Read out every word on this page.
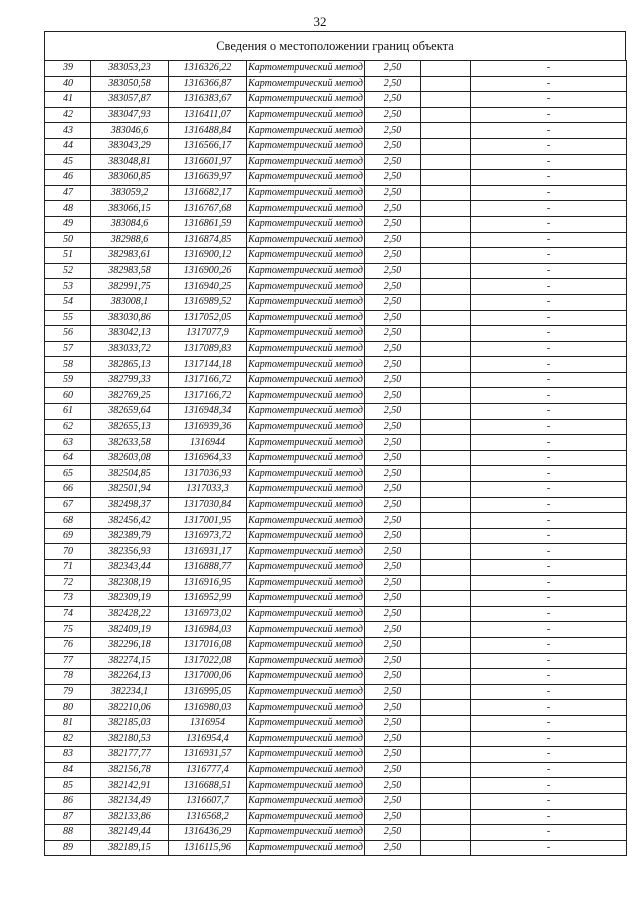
32
Сведения о местоположении границ объекта
39	383053,23	1316326,22	Картометрический метод	2,50		-
40	383050,58	1316366,87	Картометрический метод	2,50		-
41	383057,87	1316383,67	Картометрический метод	2,50		-
42	383047,93	1316411,07	Картометрический метод	2,50		-
43	383046,6	1316488,84	Картометрический метод	2,50		-
44	383043,29	1316566,17	Картометрический метод	2,50		-
45	383048,81	1316601,97	Картометрический метод	2,50		-
46	383060,85	1316639,97	Картометрический метод	2,50		-
47	383059,2	1316682,17	Картометрический метод	2,50		-
48	383066,15	1316767,68	Картометрический метод	2,50		-
49	383084,6	1316861,59	Картометрический метод	2,50		-
50	382988,6	1316874,85	Картометрический метод	2,50		-
51	382983,61	1316900,12	Картометрический метод	2,50		-
52	382983,58	1316900,26	Картометрический метод	2,50		-
53	382991,75	1316940,25	Картометрический метод	2,50		-
54	383008,1	1316989,52	Картометрический метод	2,50		-
55	383030,86	1317052,05	Картометрический метод	2,50		-
56	383042,13	1317077,9	Картометрический метод	2,50		-
57	383033,72	1317089,83	Картометрический метод	2,50		-
58	382865,13	1317144,18	Картометрический метод	2,50		-
59	382799,33	1317166,72	Картометрический метод	2,50		-
60	382769,25	1317166,72	Картометрический метод	2,50		-
61	382659,64	1316948,34	Картометрический метод	2,50		-
62	382655,13	1316939,36	Картометрический метод	2,50		-
63	382633,58	1316944	Картометрический метод	2,50		-
64	382603,08	1316964,33	Картометрический метод	2,50		-
65	382504,85	1317036,93	Картометрический метод	2,50		-
66	382501,94	1317033,3	Картометрический метод	2,50		-
67	382498,37	1317030,84	Картометрический метод	2,50		-
68	382456,42	1317001,95	Картометрический метод	2,50		-
69	382389,79	1316973,72	Картометрический метод	2,50		-
70	382356,93	1316931,17	Картометрический метод	2,50		-
71	382343,44	1316888,77	Картометрический метод	2,50		-
72	382308,19	1316916,95	Картометрический метод	2,50		-
73	382309,19	1316952,99	Картометрический метод	2,50		-
74	382428,22	1316973,02	Картометрический метод	2,50		-
75	382409,19	1316984,03	Картометрический метод	2,50		-
76	382296,18	1317016,08	Картометрический метод	2,50		-
77	382274,15	1317022,08	Картометрический метод	2,50		-
78	382264,13	1317000,06	Картометрический метод	2,50		-
79	382234,1	1316995,05	Картометрический метод	2,50		-
80	382210,06	1316980,03	Картометрический метод	2,50		-
81	382185,03	1316954	Картометрический метод	2,50		-
82	382180,53	1316954,4	Картометрический метод	2,50		-
83	382177,77	1316931,57	Картометрический метод	2,50		-
84	382156,78	1316777,4	Картометрический метод	2,50		-
85	382142,91	1316688,51	Картометрический метод	2,50		-
86	382134,49	1316607,7	Картометрический метод	2,50		-
87	382133,86	1316568,2	Картометрический метод	2,50		-
88	382149,44	1316436,29	Картометрический метод	2,50		-
89	382189,15	1316115,96	Картометрический метод	2,50		-
